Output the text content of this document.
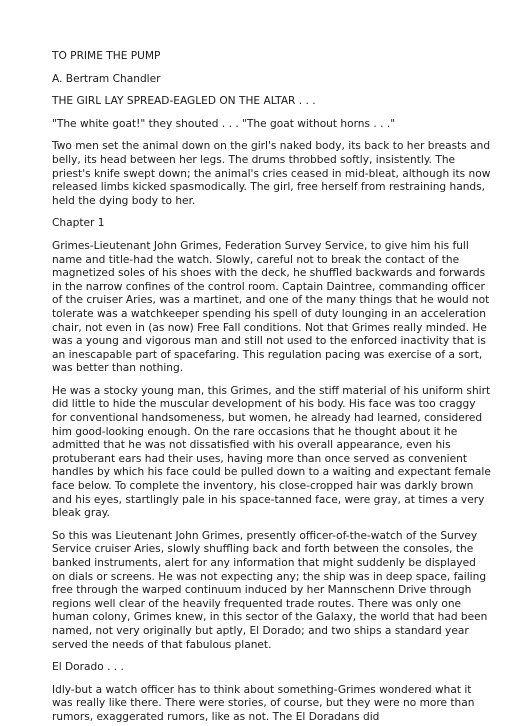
TO PRIME THE PUMP

A. Bertram Chandler

THE GIRL LAY SPREAD-EAGLED ON THE ALTAR . . .

"The white goat!" they shouted . . . "The goat without horns . . ."

Two men set the animal down on the girl's naked body, its back to her breasts and belly, its head between her legs. The drums throbbed softly, insistently. The priest's knife swept down; the animal's cries ceased in mid-bleat, although its now released limbs kicked spasmodically. The girl, free herself from restraining hands, held the dying body to her.

Chapter 1

Grimes-Lieutenant John Grimes, Federation Survey Service, to give him his full name and title-had the watch. Slowly, careful not to break the contact of the magnetized soles of his shoes with the deck, he shuffled backwards and forwards in the narrow confines of the control room. Captain Daintree, commanding officer of the cruiser Aries, was a martinet, and one of the many things that he would not tolerate was a watchkeeper spending his spell of duty lounging in an acceleration chair, not even in (as now) Free Fall conditions. Not that Grimes really minded. He was a young and vigorous man and still not used to the enforced inactivity that is an inescapable part of spacefaring. This regulation pacing was exercise of a sort, was better than nothing.

He was a stocky young man, this Grimes, and the stiff material of his uniform shirt did little to hide the muscular development of his body. His face was too craggy for conventional handsomeness, but women, he already had learned, considered him good-looking enough. On the rare occasions that he thought about it he admitted that he was not dissatisfied with his overall appearance, even his protuberant ears had their uses, having more than once served as convenient handles by which his face could be pulled down to a waiting and expectant female face below. To complete the inventory, his close-cropped hair was darkly brown and his eyes, startlingly pale in his space-tanned face, were gray, at times a very bleak gray.

So this was Lieutenant John Grimes, presently officer-of-the-watch of the Survey Service cruiser Aries, slowly shuffling back and forth between the consoles, the banked instruments, alert for any information that might suddenly be displayed on dials or screens. He was not expecting any; the ship was in deep space, failing free through the warped continuum induced by her Mannschenn Drive through regions well clear of the heavily frequented trade routes. There was only one human colony, Grimes knew, in this sector of the Galaxy, the world that had been named, not very originally but aptly, El Dorado; and two ships a standard year served the needs of that fabulous planet.

El Dorado . . .

Idly-but a watch officer has to think about something-Grimes wondered what it was really like there. There were stories, of course, but they were no more than rumors, exaggerated rumors, like as not. The El Doradans did
